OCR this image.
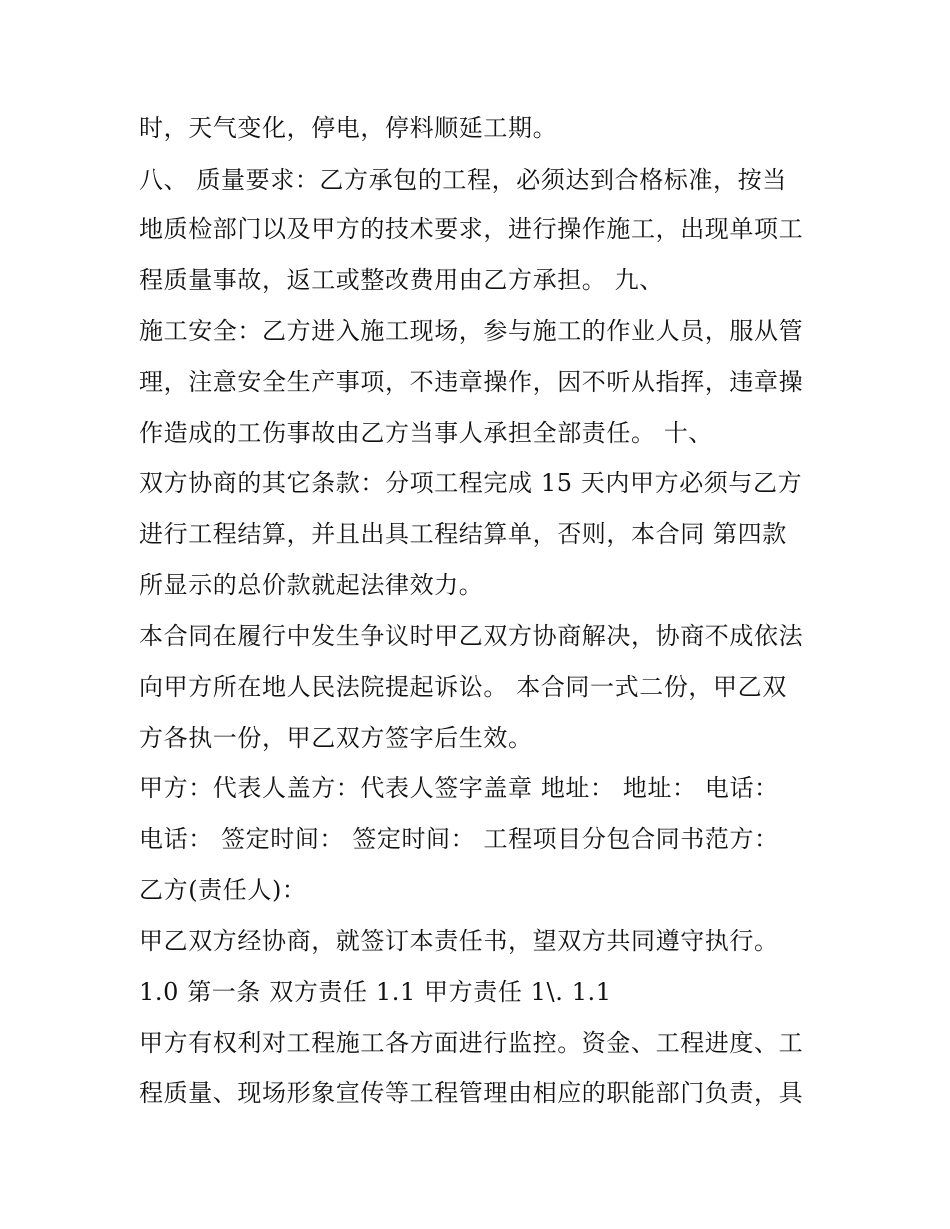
时，天气变化，停电，停料顺延工期。
八、 质量要求：乙方承包的工程，必须达到合格标准，按当
地质检部门以及甲方的技术要求，进行操作施工，出现单项工
程质量事故，返工或整改费用由乙方承担。 九、
施工安全：乙方进入施工现场，参与施工的作业人员，服从管
理，注意安全生产事项，不违章操作，因不听从指挥，违章操
作造成的工伤事故由乙方当事人承担全部责任。 十、
双方协商的其它条款：分项工程完成 15 天内甲方必须与乙方
进行工程结算，并且出具工程结算单，否则，本合同 第四款
所显示的总价款就起法律效力。
本合同在履行中发生争议时甲乙双方协商解决，协商不成依法
向甲方所在地人民法院提起诉讼。 本合同一式二份，甲乙双
方各执一份，甲乙双方签字后生效。
甲方：代表人盖方：代表人签字盖章 地址： 地址： 电话：
电话： 签定时间： 签定时间： 工程项目分包合同书范方：
乙方(责任人)：
甲乙双方经协商，就签订本责任书，望双方共同遵守执行。
1.0 第一条 双方责任 1.1 甲方责任 1\. 1.1
甲方有权利对工程施工各方面进行监控。资金、工程进度、工
程质量、现场形象宣传等工程管理由相应的职能部门负责，具
